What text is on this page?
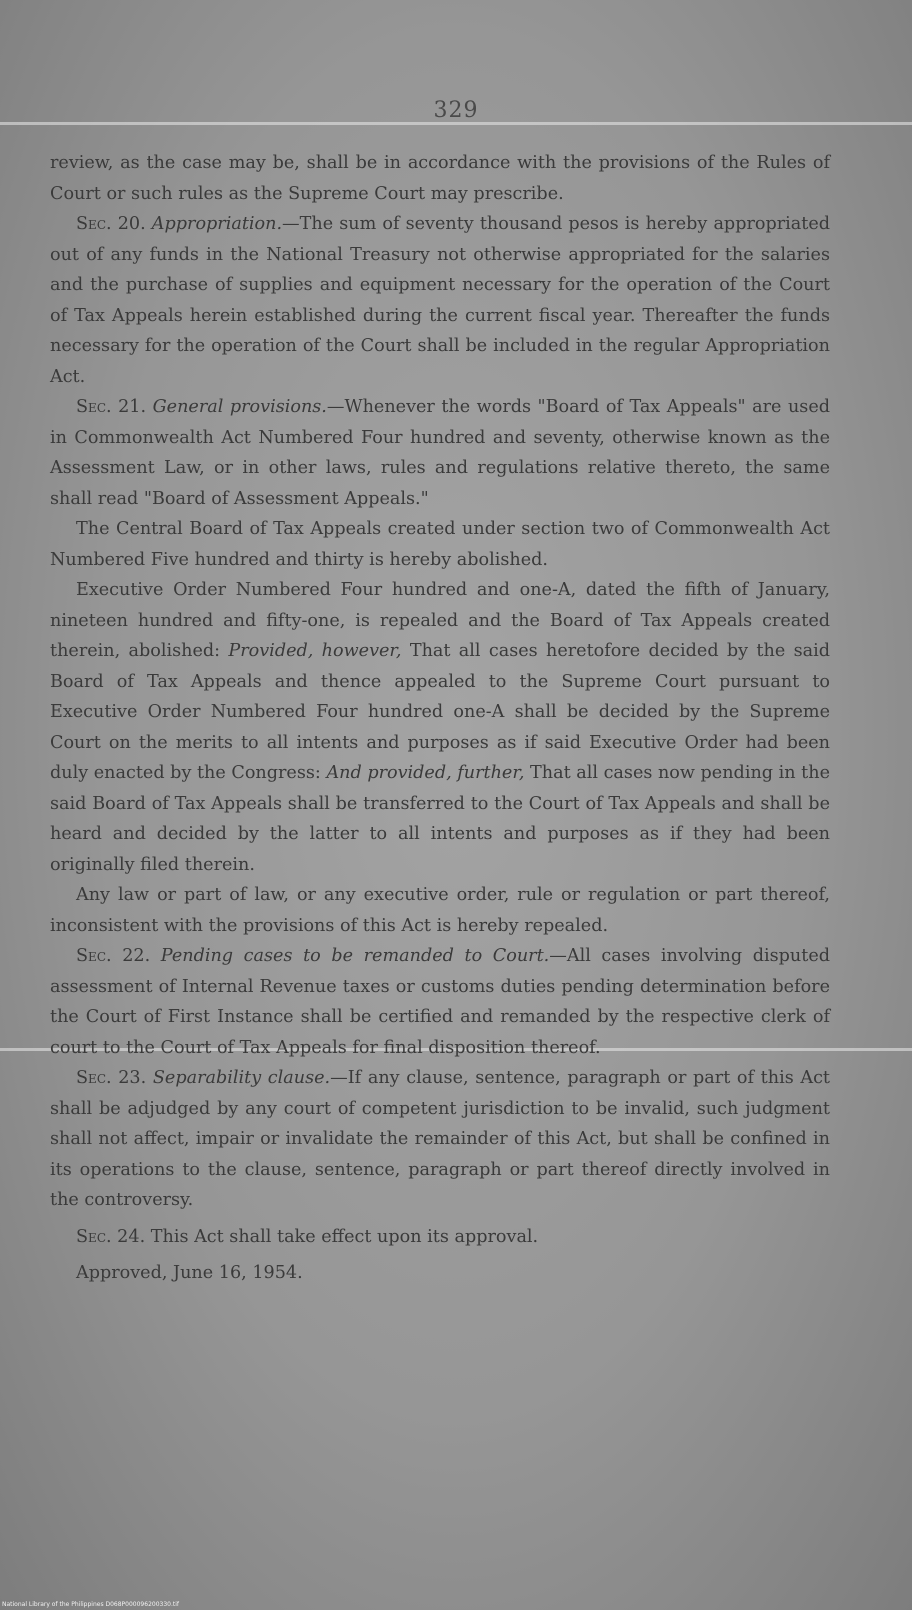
329

review, as the case may be, shall be in accordance with the provisions of the Rules of Court or such rules as the Supreme Court may prescribe.

Sec. 20. Appropriation.—The sum of seventy thousand pesos is hereby appropriated out of any funds in the National Treasury not otherwise appropriated for the salaries and the purchase of supplies and equipment necessary for the operation of the Court of Tax Appeals herein established during the current fiscal year. Thereafter the funds necessary for the operation of the Court shall be included in the regular Appropriation Act.

Sec. 21. General provisions.—Whenever the words "Board of Tax Appeals" are used in Commonwealth Act Numbered Four hundred and seventy, otherwise known as the Assessment Law, or in other laws, rules and regulations relative thereto, the same shall read "Board of Assessment Appeals."

The Central Board of Tax Appeals created under section two of Commonwealth Act Numbered Five hundred and thirty is hereby abolished.

Executive Order Numbered Four hundred and one-A, dated the fifth of January, nineteen hundred and fifty-one, is repealed and the Board of Tax Appeals created therein, abolished: Provided, however, That all cases heretofore decided by the said Board of Tax Appeals and thence appealed to the Supreme Court pursuant to Executive Order Numbered Four hundred one-A shall be decided by the Supreme Court on the merits to all intents and purposes as if said Executive Order had been duly enacted by the Congress: And provided, further, That all cases now pending in the said Board of Tax Appeals shall be transferred to the Court of Tax Appeals and shall be heard and decided by the latter to all intents and purposes as if they had been originally filed therein.

Any law or part of law, or any executive order, rule or regulation or part thereof, inconsistent with the provisions of this Act is hereby repealed.

Sec. 22. Pending cases to be remanded to Court.—All cases involving disputed assessment of Internal Revenue taxes or customs duties pending determination before the Court of First Instance shall be certified and remanded by the respective clerk of court to the Court of Tax Appeals for final disposition thereof.

Sec. 23. Separability clause.—If any clause, sentence, paragraph or part of this Act shall be adjudged by any court of competent jurisdiction to be invalid, such judgment shall not affect, impair or invalidate the remainder of this Act, but shall be confined in its operations to the clause, sentence, paragraph or part thereof directly involved in the controversy.

Sec. 24. This Act shall take effect upon its approval.

Approved, June 16, 1954.

National Library of the Philippines D068P000096200330.tif
